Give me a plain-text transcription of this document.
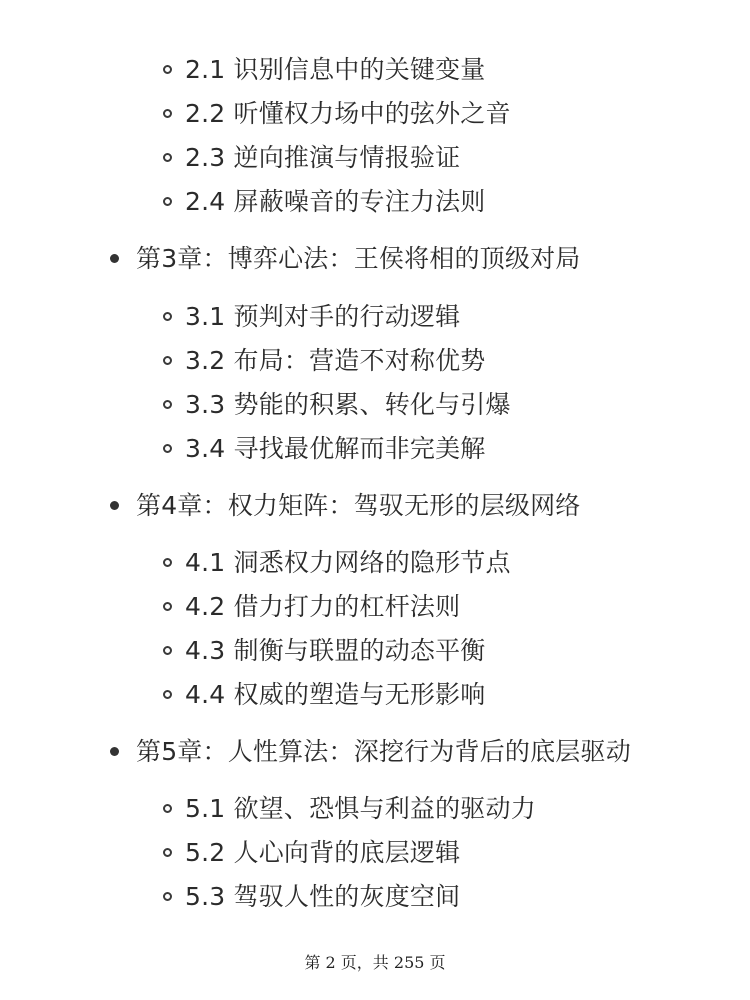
2.1 识别信息中的关键变量
2.2 听懂权力场中的弦外之音
2.3 逆向推演与情报验证
2.4 屏蔽噪音的专注力法则
第3章：博弈心法：王侯将相的顶级对局
3.1 预判对手的行动逻辑
3.2 布局：营造不对称优势
3.3 势能的积累、转化与引爆
3.4 寻找最优解而非完美解
第4章：权力矩阵：驾驭无形的层级网络
4.1 洞悉权力网络的隐形节点
4.2 借力打力的杠杆法则
4.3 制衡与联盟的动态平衡
4.4 权威的塑造与无形影响
第5章：人性算法：深挖行为背后的底层驱动
5.1 欲望、恐惧与利益的驱动力
5.2 人心向背的底层逻辑
5.3 驾驭人性的灰度空间
第 2 页，共 255 页
